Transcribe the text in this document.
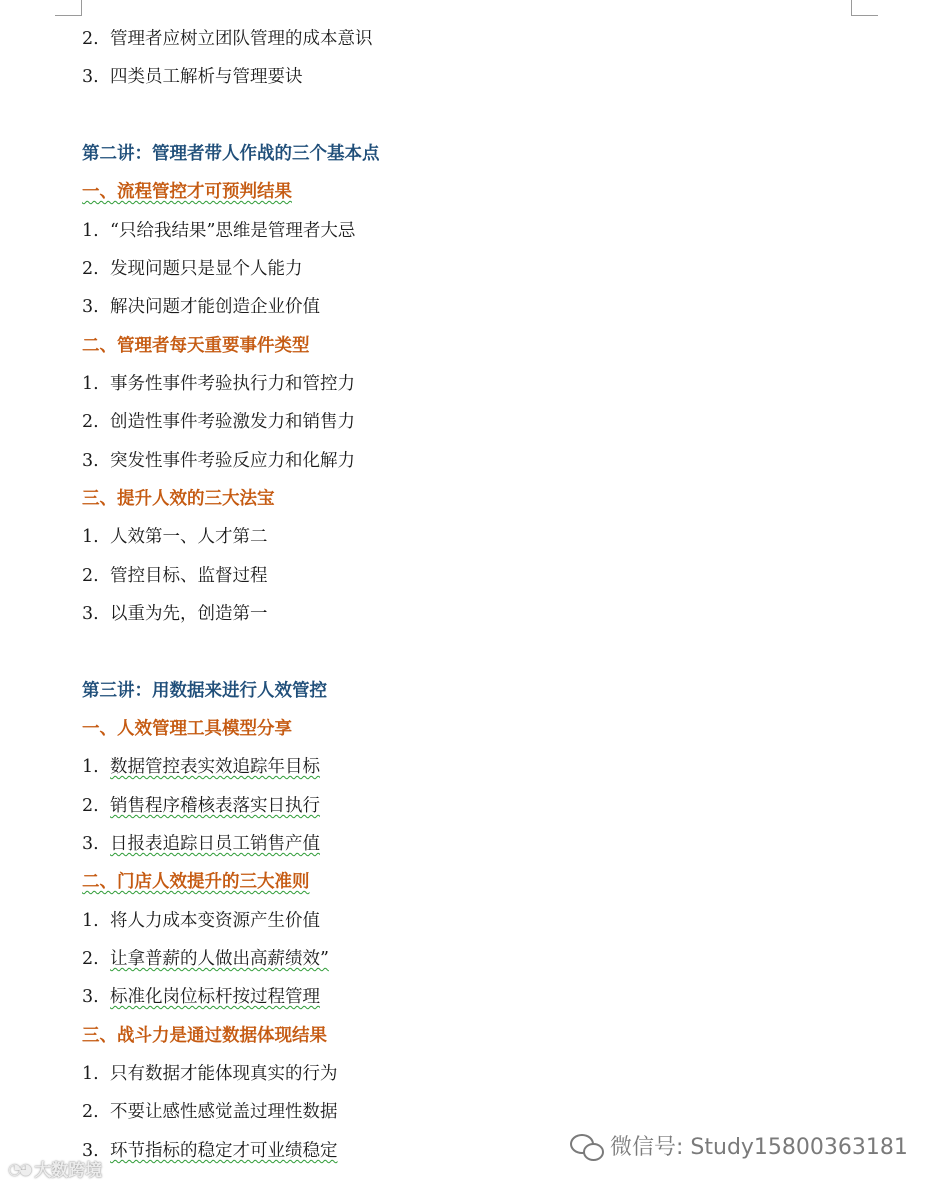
2. 管理者应树立团队管理的成本意识
3. 四类员工解析与管理要诀
第二讲：管理者带人作战的三个基本点
一、流程管控才可预判结果
1. “只给我结果”思维是管理者大忌
2. 发现问题只是显个人能力
3. 解决问题才能创造企业价值
二、管理者每天重要事件类型
1. 事务性事件考验执行力和管控力
2. 创造性事件考验激发力和销售力
3. 突发性事件考验反应力和化解力
三、提升人效的三大法宝
1. 人效第一、人才第二
2. 管控目标、监督过程
3. 以重为先，创造第一
第三讲：用数据来进行人效管控
一、人效管理工具模型分享
1. 数据管控表实效追踪年目标
2. 销售程序稽核表落实日执行
3. 日报表追踪日员工销售产值
二、门店人效提升的三大准则
1. 将人力成本变资源产生价值
2. 让拿普薪的人做出高薪绩效”
3. 标准化岗位标杆按过程管理
三、战斗力是通过数据体现结果
1. 只有数据才能体现真实的行为
2. 不要让感性感觉盖过理性数据
3. 环节指标的稳定才可业绩稳定	微信号: Study15800363181
◔◕ 大数跨境
